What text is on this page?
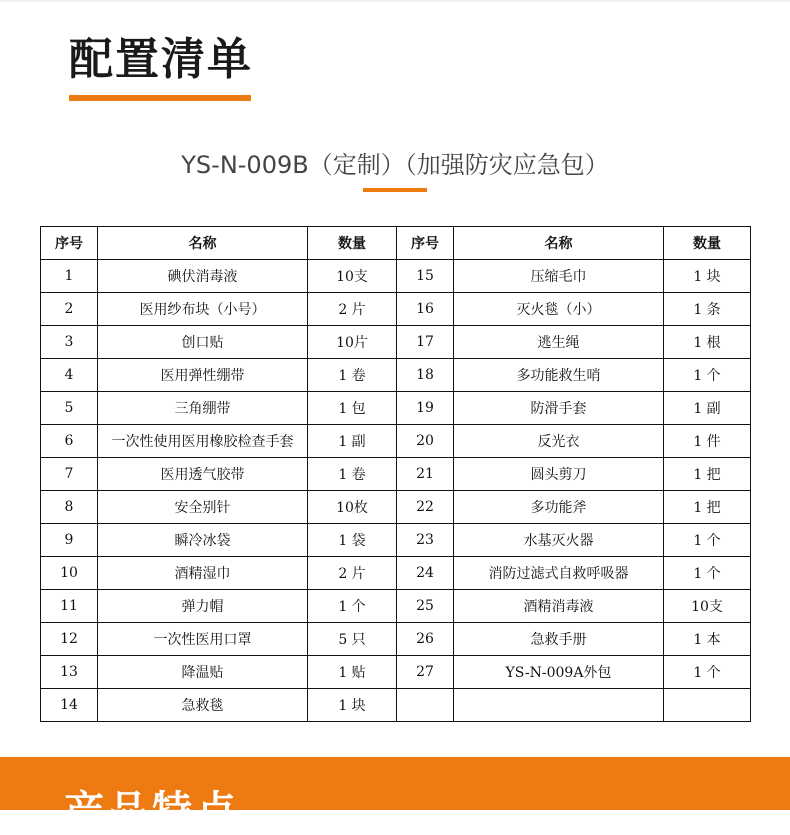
配置清单
YS-N-009B（定制）（加强防灾应急包）
序号	名称	数量	序号	名称	数量
1	碘伏消毒液	10支	15	压缩毛巾	1 块
2	医用纱布块（小号）	2 片	16	灭火毯（小）	1 条
3	创口贴	10片	17	逃生绳	1 根
4	医用弹性绷带	1 卷	18	多功能救生哨	1 个
5	三角绷带	1 包	19	防滑手套	1 副
6	一次性使用医用橡胶检查手套	1 副	20	反光衣	1 件
7	医用透气胶带	1 卷	21	圆头剪刀	1 把
8	安全别针	10枚	22	多功能斧	1 把
9	瞬冷冰袋	1 袋	23	水基灭火器	1 个
10	酒精湿巾	2 片	24	消防过滤式自救呼吸器	1 个
11	弹力帽	1 个	25	酒精消毒液	10支
12	一次性医用口罩	5 只	26	急救手册	1 本
13	降温贴	1 贴	27	YS-N-009A外包	1 个
14	急救毯	1 块			
产品特点
